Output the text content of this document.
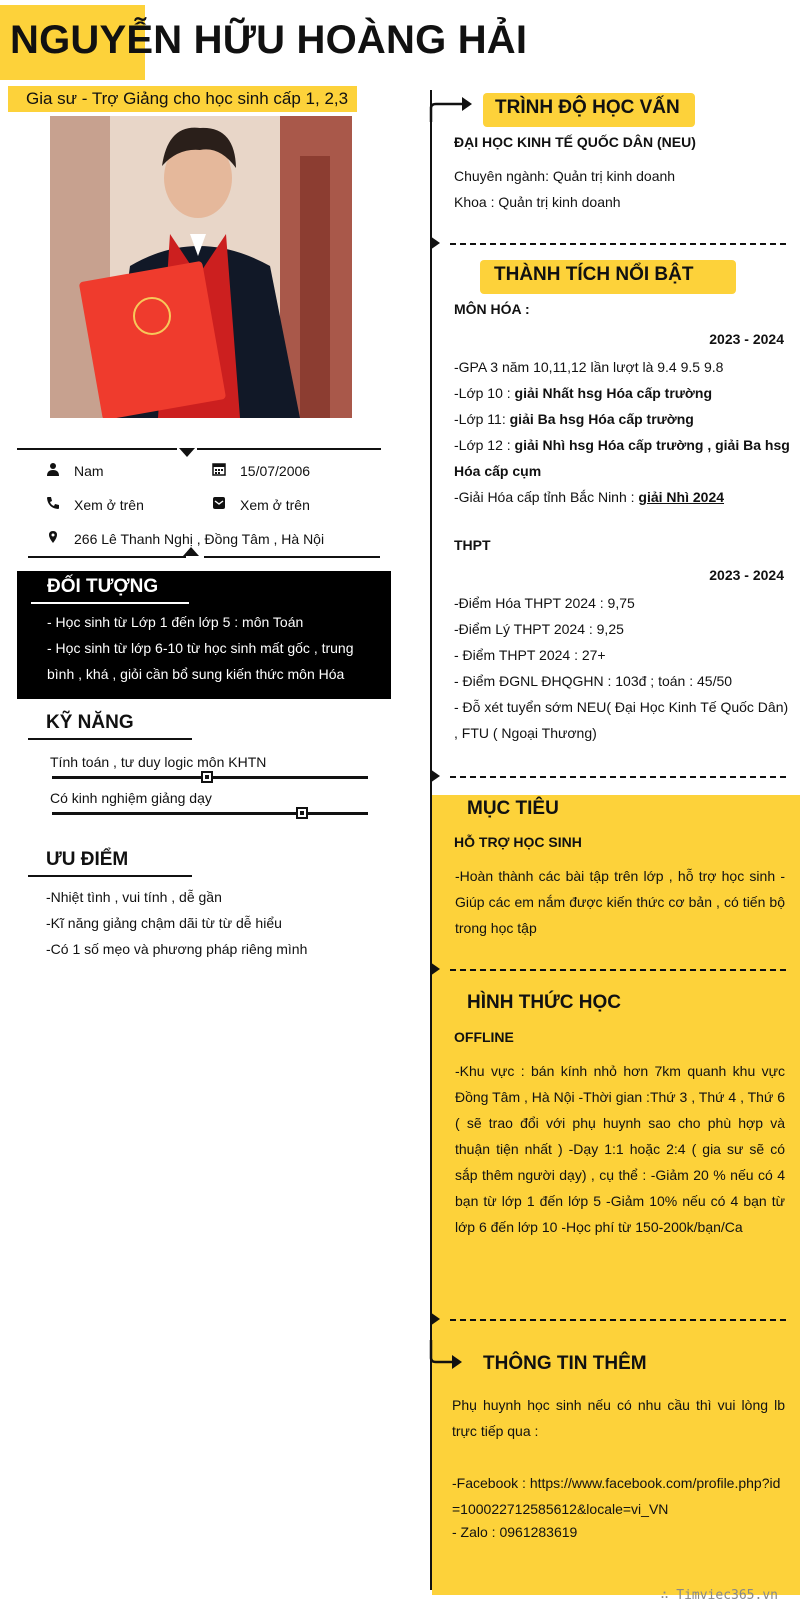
NGUYỄN HỮU HOÀNG HẢI
Gia sư - Trợ Giảng cho học sinh cấp 1, 2,3
Nam	15/07/2006
Xem ở trên	Xem ở trên
266 Lê Thanh Nghị , Đồng Tâm , Hà Nội
ĐỐI TƯỢNG
- Học sinh từ Lớp 1 đến lớp 5 : môn Toán
- Học sinh từ lớp 6-10 từ học sinh mất gốc , trung
bình , khá , giỏi cần bổ sung kiến thức môn Hóa
KỸ NĂNG
Tính toán , tư duy logic môn KHTN
Có kinh nghiệm giảng dạy
ƯU ĐIỂM
-Nhiệt tình , vui tính , dễ gần
-Kĩ năng giảng chậm dãi từ từ dễ hiểu
-Có 1 số mẹo và phương pháp riêng mình
TRÌNH ĐỘ HỌC VẤN
ĐẠI HỌC KINH TẾ QUỐC DÂN (NEU)
Chuyên ngành: Quản trị kinh doanh
Khoa : Quản trị kinh doanh
THÀNH TÍCH NỔI BẬT
MÔN HÓA :
2023 - 2024
-GPA 3 năm 10,11,12 lần lượt là 9.4 9.5 9.8
-Lớp 10 : giải Nhất hsg Hóa cấp trường
-Lớp 11: giải Ba hsg Hóa cấp trường
-Lớp 12 : giải Nhì hsg Hóa cấp trường , giải Ba hsg
Hóa cấp cụm
-Giải Hóa cấp tỉnh Bắc Ninh : giải Nhì 2024
THPT
2023 - 2024
-Điểm Hóa THPT 2024 : 9,75
-Điểm Lý THPT 2024 : 9,25
- Điểm THPT 2024 : 27+
- Điểm ĐGNL ĐHQGHN : 103đ ; toán : 45/50
- Đỗ xét tuyển sớm NEU( Đại Học Kinh Tế Quốc Dân)
, FTU ( Ngoại Thương)
MỤC TIÊU
HỖ TRỢ HỌC SINH
-Hoàn thành các bài tập trên lớp , hỗ trợ học sinh -Giúp các em nắm được kiến thức cơ bản , có tiến bộ trong học tập
HÌNH THỨC HỌC
OFFLINE
-Khu vực : bán kính nhỏ hơn 7km quanh khu vực Đồng Tâm , Hà Nội -Thời gian :Thứ 3 , Thứ 4 , Thứ 6 ( sẽ trao đổi với phụ huynh sao cho phù hợp và thuận tiện nhất ) -Dạy 1:1 hoặc 2:4 ( gia sư sẽ có sắp thêm người dạy) , cụ thể : -Giảm 20 % nếu có 4 bạn từ lớp 1 đến lớp 5 -Giảm 10% nếu có 4 bạn từ lớp 6 đến lớp 10 -Học phí từ 150-200k/bạn/Ca
THÔNG TIN THÊM
Phụ huynh học sinh nếu có nhu cầu thì vui lòng lb trực tiếp qua :
-Facebook : https://www.facebook.com/profile.php?id=100022712585612&locale=vi_VN
- Zalo : 0961283619
∴ Timviec365.vn
